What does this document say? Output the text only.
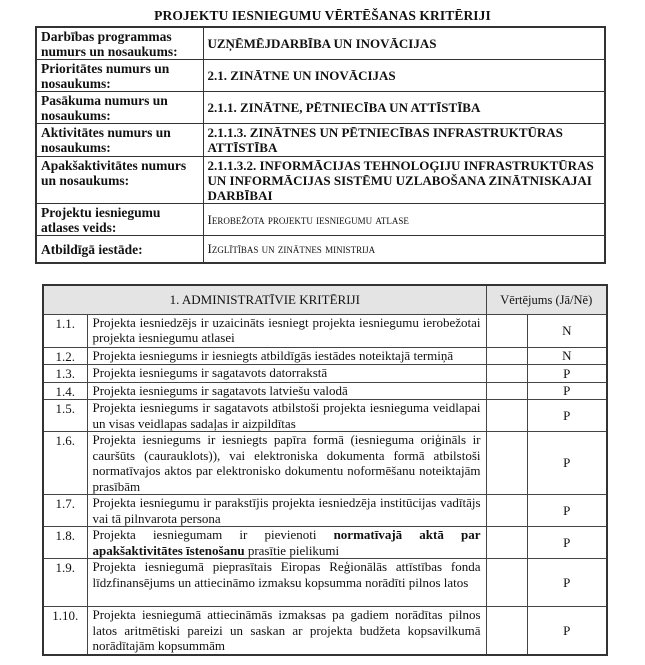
PROJEKTU IESNIEGUMU VĒRTĒŠANAS KRITĒRIJI
Darbības programmas numurs un nosaukums:	UZŅĒMĒJDARBĪBA UN INOVĀCIJAS
Prioritātes numurs un nosaukums:	2.1. ZINĀTNE UN INOVĀCIJAS
Pasākuma numurs un nosaukums:	2.1.1. ZINĀTNE, PĒTNIECĪBA UN ATTĪSTĪBA
Aktivitātes numurs un nosaukums:	2.1.1.3. ZINĀTNES UN PĒTNIECĪBAS INFRASTRUKTŪRAS ATTĪSTĪBA
Apakšaktivitātes numurs un nosaukums:	2.1.1.3.2. INFORMĀCIJAS TEHNOLOĢIJU INFRASTRUKTŪRAS UN INFORMĀCIJAS SISTĒMU UZLABOŠANA ZINĀTNISKAJAI DARBĪBAI
Projektu iesniegumu atlases veids:	Ierobežota projektu iesniegumu atlase
Atbildīgā iestāde:	Izglītības un zinātnes ministrija
1. ADMINISTRATĪVIE KRITĒRIJI		Vērtējums (Jā/Nē)	
1.1.	Projekta iesniedzējs ir uzaicināts iesniegt projekta iesniegumu ierobežotai projekta iesniegumu atlasei		N
1.2.	Projekta iesniegums ir iesniegts atbildīgās iestādes noteiktajā termiņā		N
1.3.	Projekta iesniegums ir sagatavots datorrakstā		P
1.4.	Projekta iesniegums ir sagatavots latviešu valodā		P
1.5.	Projekta iesniegums ir sagatavots atbilstoši projekta iesnieguma veidlapai un visas veidlapas sadaļas ir aizpildītas		P
1.6.	Projekta iesniegums ir iesniegts papīra formā (iesnieguma oriģināls ir cauršūts (caurauklots)), vai elektroniska dokumenta formā atbilstoši normatīvajos aktos par elektronisko dokumentu noformēšanu noteiktajām prasībām		P
1.7.	Projekta iesniegumu ir parakstījis projekta iesniedzēja institūcijas vadītājs vai tā pilnvarota persona		P
1.8.	Projekta iesniegumam ir pievienoti normatīvajā aktā par apakšaktivitātes īstenošanu prasītie pielikumi		P
1.9.	Projekta iesniegumā pieprasītais Eiropas Reģionālās attīstības fonda līdzfinansējums un attiecināmo izmaksu kopsumma norādīti pilnos latos		P
1.10.	Projekta iesniegumā attiecināmās izmaksas pa gadiem norādītas pilnos latos aritmētiski pareizi un saskan ar projekta budžeta kopsavilkumā norādītajām kopsummām		P
